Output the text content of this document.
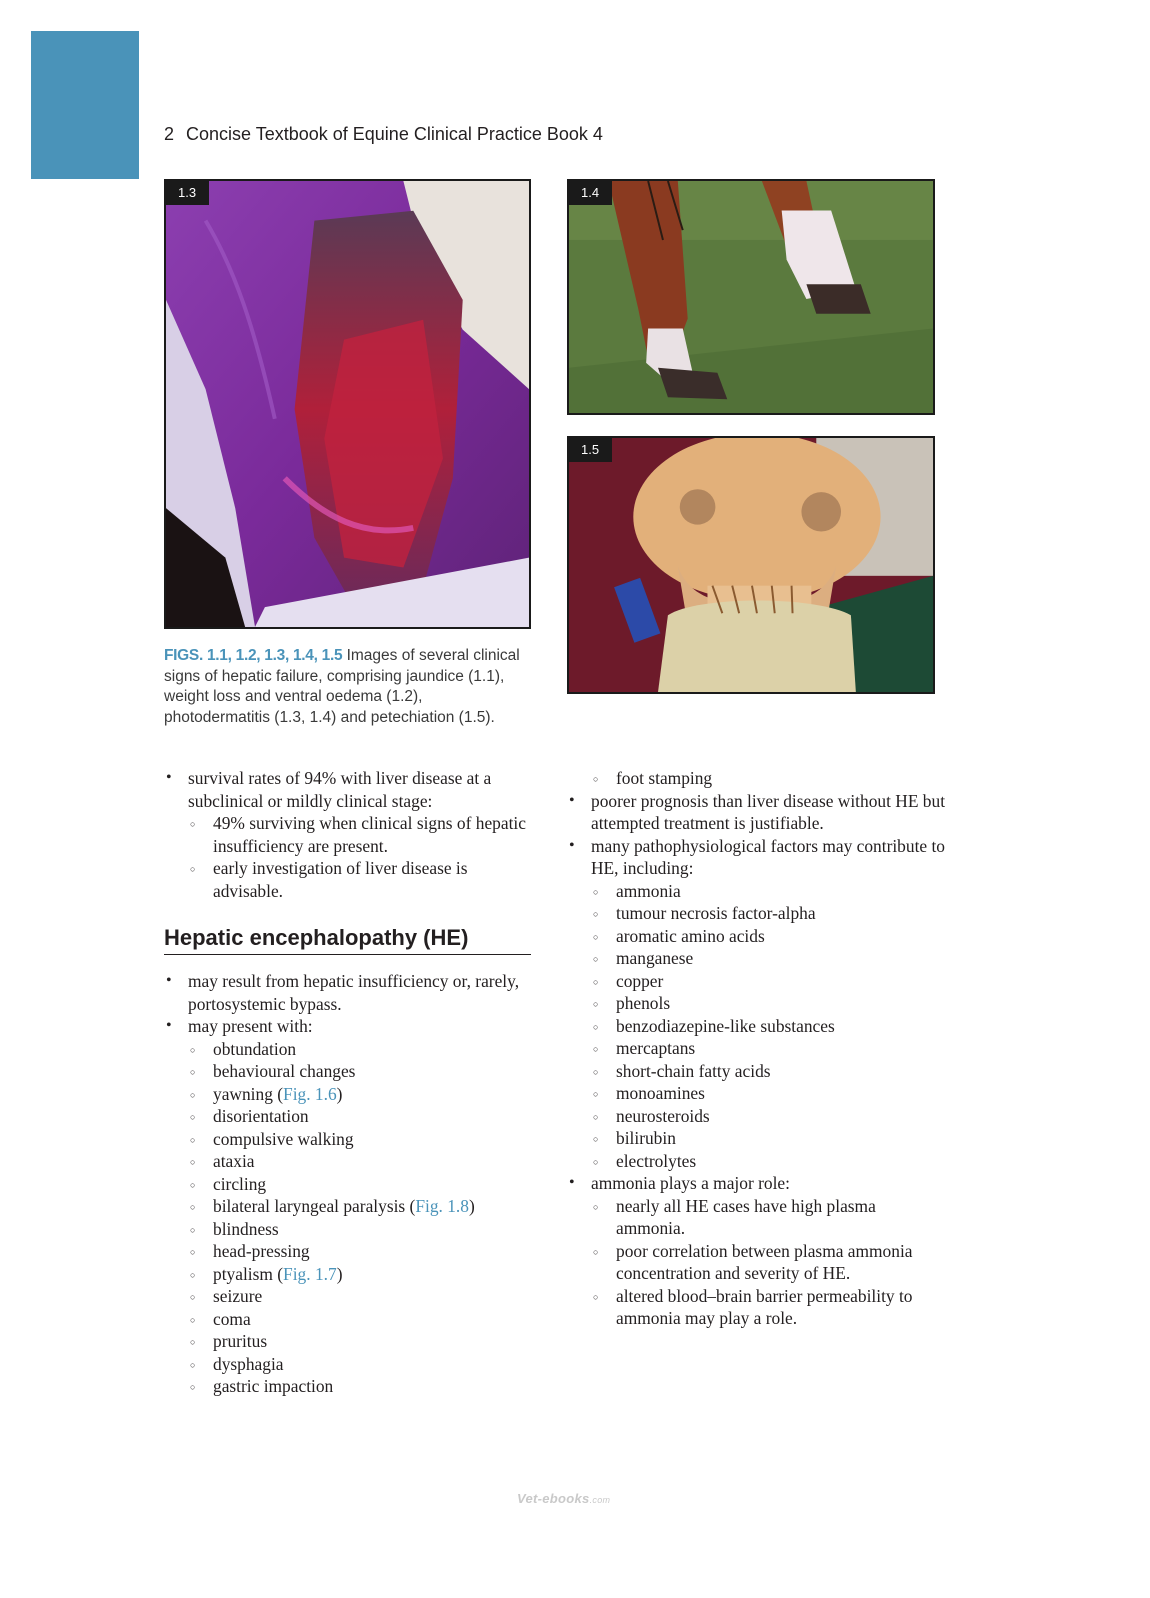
2 Concise Textbook of Equine Clinical Practice Book 4
1.3	1.4
1.5
FIGS. 1.1, 1.2, 1.3, 1.4, 1.5 Images of several clinical signs of hepatic failure, comprising jaundice (1.1), weight loss and ventral oedema (1.2), photodermatitis (1.3, 1.4) and petechiation (1.5).
• survival rates of 94% with liver disease at a subclinical or mildly clinical stage:
○ 49% surviving when clinical signs of hepatic insufficiency are present.
○ early investigation of liver disease is advisable.
Hepatic encephalopathy (HE)
• may result from hepatic insufficiency or, rarely, portosystemic bypass.
• may present with:
○ obtundation
○ behavioural changes
○ yawning (Fig. 1.6)
○ disorientation
○ compulsive walking
○ ataxia
○ circling
○ bilateral laryngeal paralysis (Fig. 1.8)
○ blindness
○ head-pressing
○ ptyalism (Fig. 1.7)
○ seizure
○ coma
○ pruritus
○ dysphagia
○ gastric impaction
○ foot stamping
• poorer prognosis than liver disease without HE but attempted treatment is justifiable.
• many pathophysiological factors may contribute to HE, including:
○ ammonia
○ tumour necrosis factor-alpha
○ aromatic amino acids
○ manganese
○ copper
○ phenols
○ benzodiazepine-like substances
○ mercaptans
○ short-chain fatty acids
○ monoamines
○ neurosteroids
○ bilirubin
○ electrolytes
• ammonia plays a major role:
○ nearly all HE cases have high plasma ammonia.
○ poor correlation between plasma ammonia concentration and severity of HE.
○ altered blood–brain barrier permeability to ammonia may play a role.
Vet-ebooks.com
